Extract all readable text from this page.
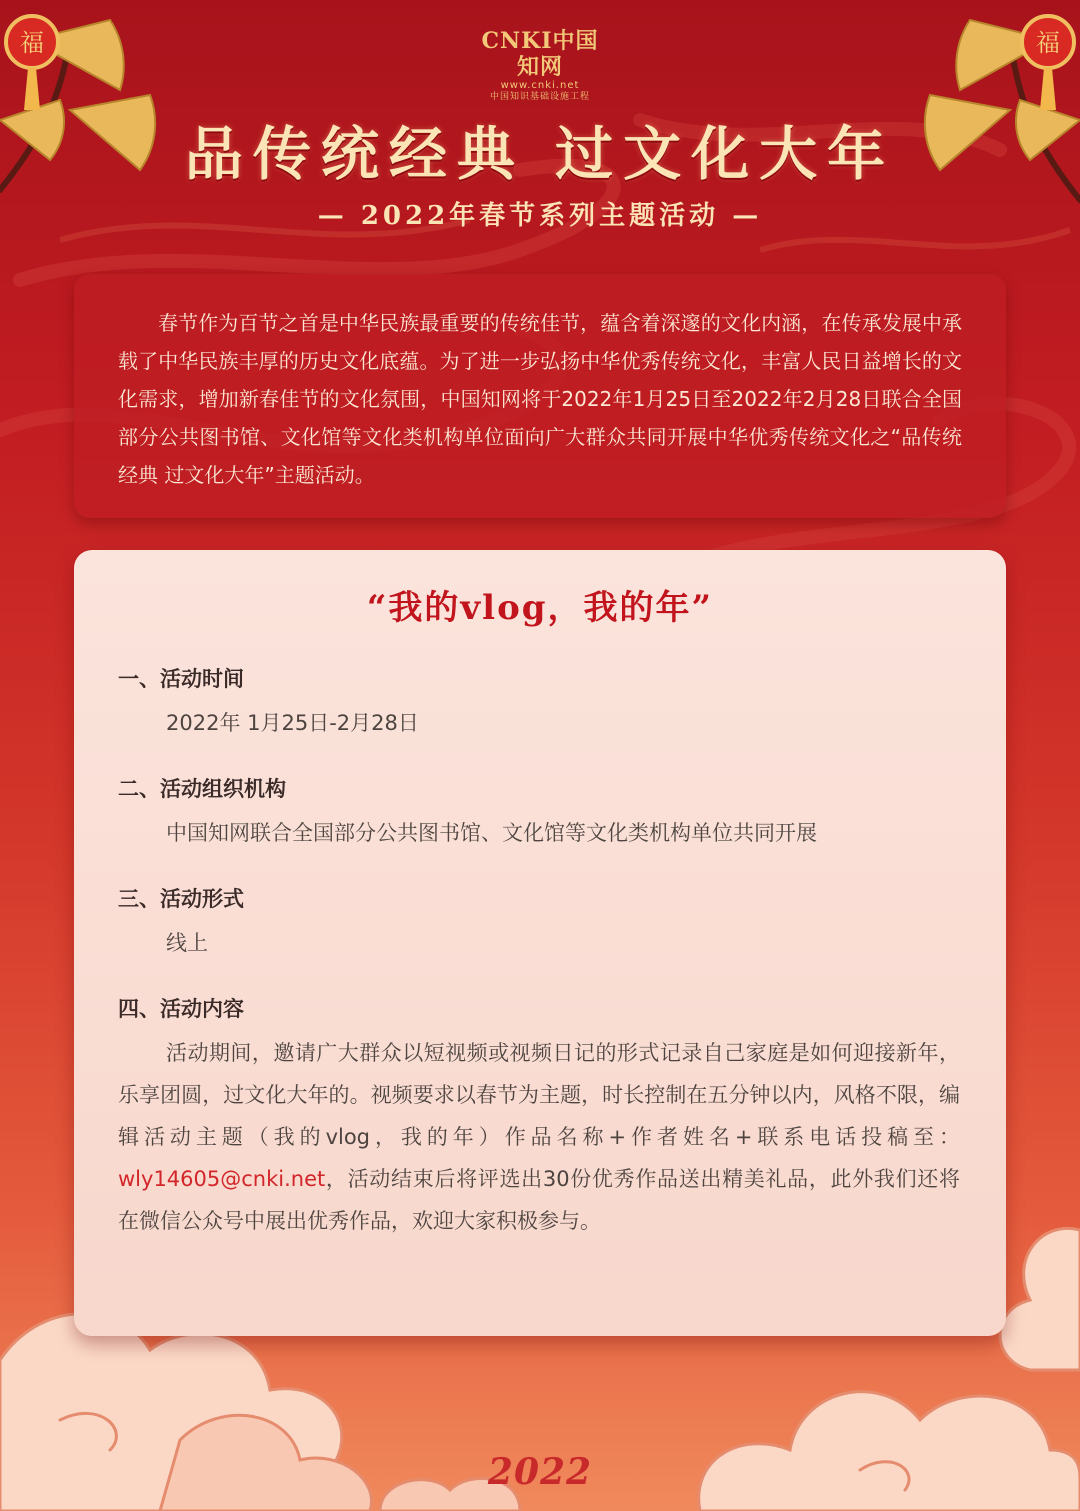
福	福
CNKI中国知网
www.cnki.net
中国知识基础设施工程
品传统经典 过文化大年
— 2022年春节系列主题活动 —
春节作为百节之首是中华民族最重要的传统佳节，蕴含着深邃的文化内涵，在传承发展中承载了中华民族丰厚的历史文化底蕴。为了进一步弘扬中华优秀传统文化，丰富人民日益增长的文化需求，增加新春佳节的文化氛围，中国知网将于2022年1月25日至2022年2月28日联合全国部分公共图书馆、文化馆等文化类机构单位面向广大群众共同开展中华优秀传统文化之“品传统经典 过文化大年”主题活动。
“我的vlog，我的年”
一、活动时间
2022年 1月25日-2月28日
二、活动组织机构
中国知网联合全国部分公共图书馆、文化馆等文化类机构单位共同开展
三、活动形式
线上
四、活动内容
活动期间，邀请广大群众以短视频或视频日记的形式记录自己家庭是如何迎接新年，乐享团圆，过文化大年的。视频要求以春节为主题，时长控制在五分钟以内，风格不限，编辑活动主题（我的vlog，我的年）作品名称+作者姓名+联系电话投稿至：wly14605@cnki.net，活动结束后将评选出30份优秀作品送出精美礼品，此外我们还将在微信公众号中展出优秀作品，欢迎大家积极参与。
2022
